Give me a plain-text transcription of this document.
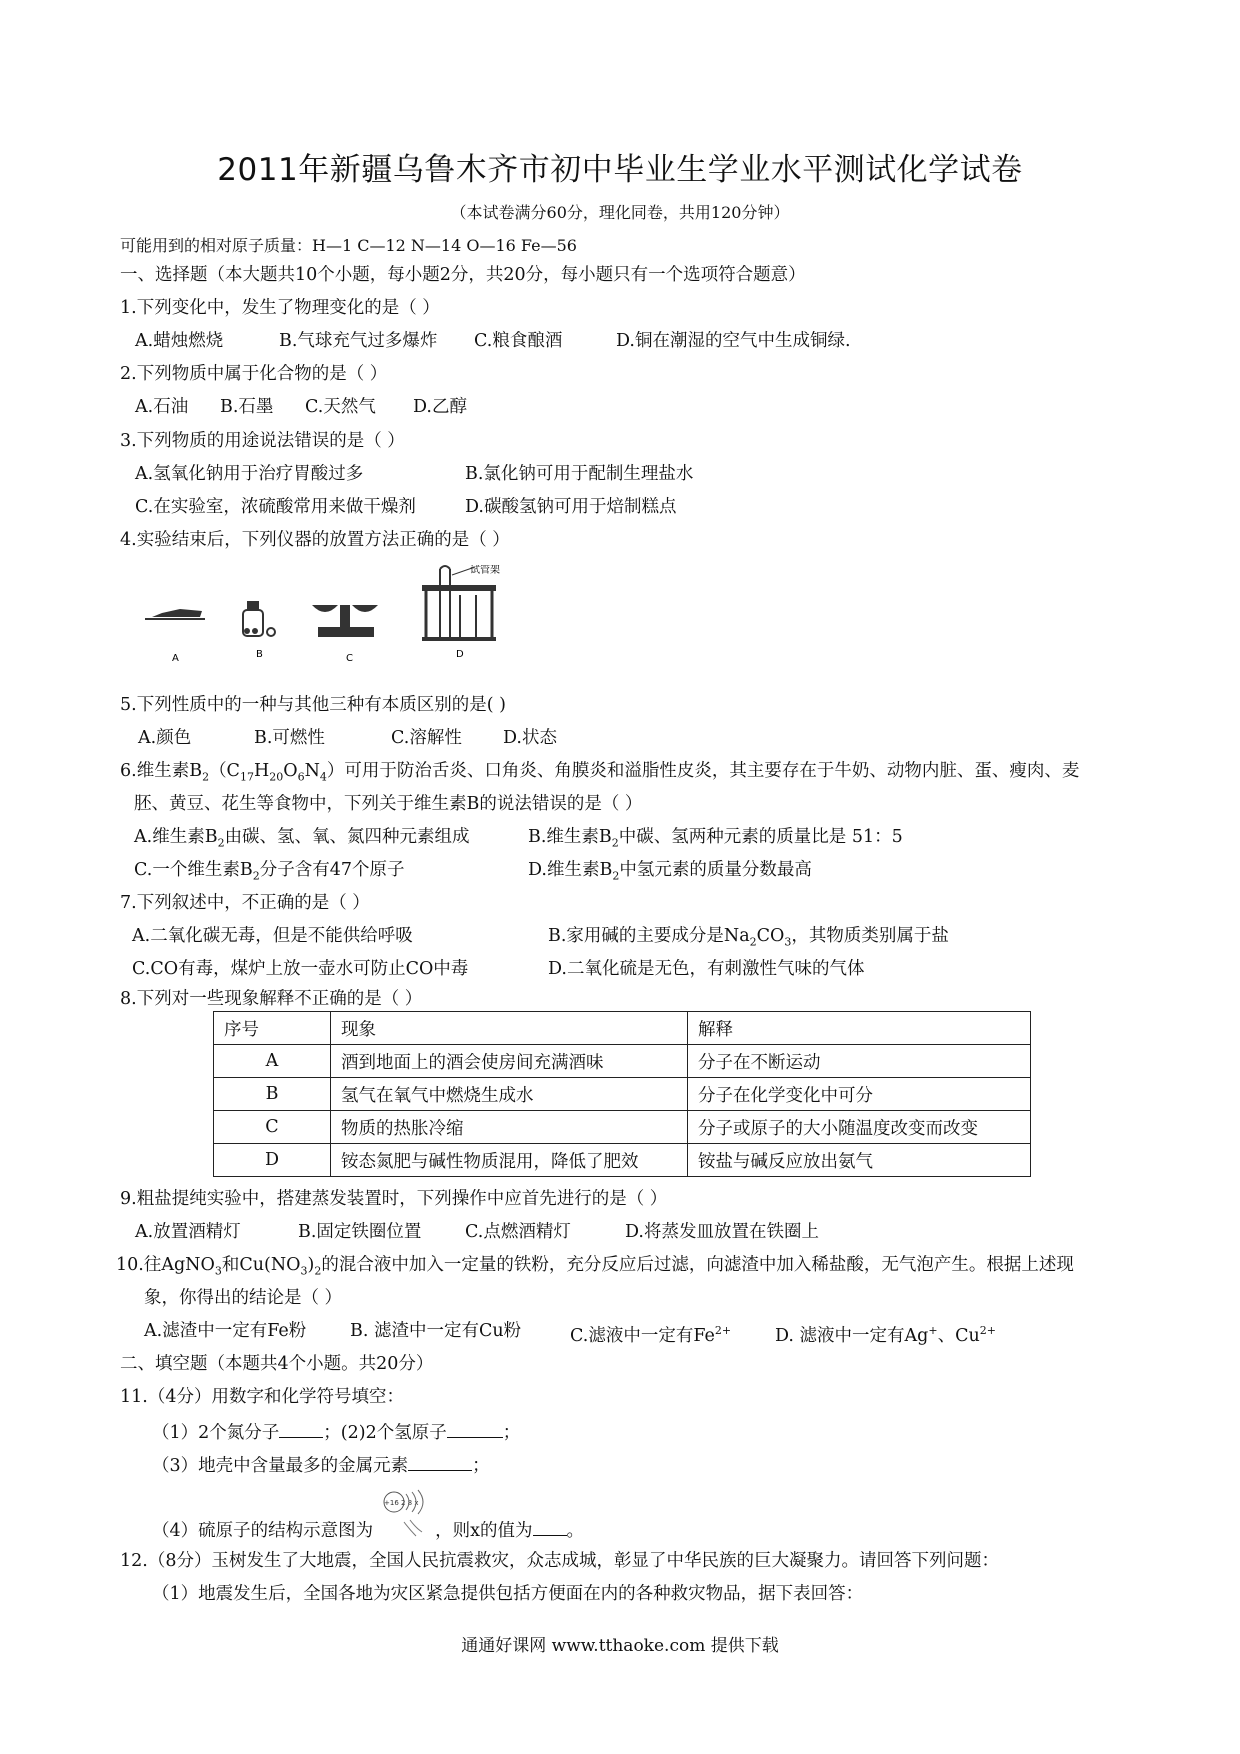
2011年新疆乌鲁木齐市初中毕业生学业水平测试化学试卷
（本试卷满分60分，理化同卷，共用120分钟）
可能用到的相对原子质量：H—1 C—12 N—14 O—16 Fe—56
一、选择题（本大题共10个小题，每小题2分，共20分，每小题只有一个选项符合题意）
1.下列变化中，发生了物理变化的是（ ）
A.蜡烛燃烧	B.气球充气过多爆炸 C.粮食酿酒	D.铜在潮湿的空气中生成铜绿.
2.下列物质中属于化合物的是（ ）
A.石油 B.石墨 C.天然气 D.乙醇
3.下列物质的用途说法错误的是（ ）
A.氢氧化钠用于治疗胃酸过多	B.氯化钠可用于配制生理盐水
C.在实验室，浓硫酸常用来做干燥剂	D.碳酸氢钠可用于焙制糕点
4.实验结束后，下列仪器的放置方法正确的是（ ）
试管架
A	B	C	D
5.下列性质中的一种与其他三种有本质区别的是( )
A.颜色	B.可燃性	C.溶解性 D.状态
6.维生素$B_2(C_{17}H_{20}O_6N_4)$可用于防治舌炎、口角炎、角膜炎和溢脂性皮炎，其主要存在于牛奶、动物内脏、蛋、瘦肉、麦
胚、黄豆、花生等食物中，下列关于维生素B的说法错误的是（ ）
A.维生素$B_2$由碳、氢、氧、氮四种元素组成	B.维生素$B_2$中碳、氢两种元素的质量比是 51：5
C.一个维生素$B_2$分子含有47个原子	D.维生素$B_2$中氢元素的质量分数最高
7.下列叙述中，不正确的是（ ）
A.二氧化碳无毒，但是不能供给呼吸	B.家用碱的主要成分是$Na_2CO_3$，其物质类别属于盐
C.CO有毒，煤炉上放一壶水可防止CO中毒	D.二氧化硫是无色，有刺激性气味的气体
8.下列对一些现象解释不正确的是（ ）
序号	现象	解释
A	酒到地面上的酒会使房间充满酒味	分子在不断运动
B	氢气在氧气中燃烧生成水	分子在化学变化中可分
C	物质的热胀冷缩	分子或原子的大小随温度改变而改变
D	铵态氮肥与碱性物质混用，降低了肥效	铵盐与碱反应放出氨气
9.粗盐提纯实验中，搭建蒸发装置时，下列操作中应首先进行的是（ ）
A.放置酒精灯	B.固定铁圈位置 C.点燃酒精灯	D.将蒸发皿放置在铁圈上
10.往AgNO$_3$和$Cu(NO_3)_2$的混合液中加入一定量的铁粉，充分反应后过滤，向滤渣中加入稀盐酸，无气泡产生。根据上述现
象，你得出的结论是（ ）
A.滤渣中一定有Fe粉	B. 滤渣中一定有Cu粉	C.滤液中一定有$Fe^{2+}$	D. 滤液中一定有Ag+、$Cu^{2+}$
二、填空题（本题共4个小题。共20分）
11.（4分）用数字和化学符号填空：
（1）2个氮分子	；(2)2个氢原子	；
（3）地壳中含量最多的金属元素	；
+16 2 8 x
（4）硫原子的结构示意图为	，则x的值为 。
12.（8分）玉树发生了大地震，全国人民抗震救灾，众志成城，彰显了中华民族的巨大凝聚力。请回答下列问题：
（1）地震发生后，全国各地为灾区紧急提供包括方便面在内的各种救灾物品，据下表回答：
通通好课网 www.tthaoke.com 提供下载
